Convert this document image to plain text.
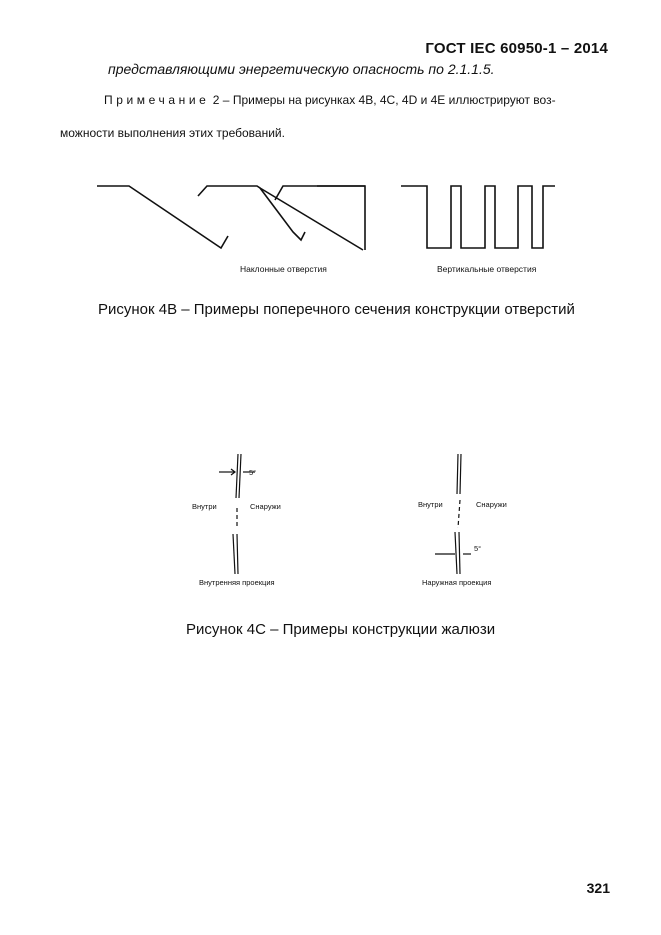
ГОСТ IEC 60950-1 – 2014
представляющими энергетическую опасность по 2.1.1.5.
Примечание 2 – Примеры на рисунках 4B, 4C, 4D и 4E иллюстрируют воз-
можности выполнения этих требований.
Наклонные отверстия	Вертикальные отверстия
Рисунок 4В – Примеры поперечного сечения конструкции отверстий
5°
Внутри	Снаружи
Внутренняя проекция
5°
Внутри	Снаружи
Наружная проекция
Рисунок 4С – Примеры конструкции жалюзи
321
